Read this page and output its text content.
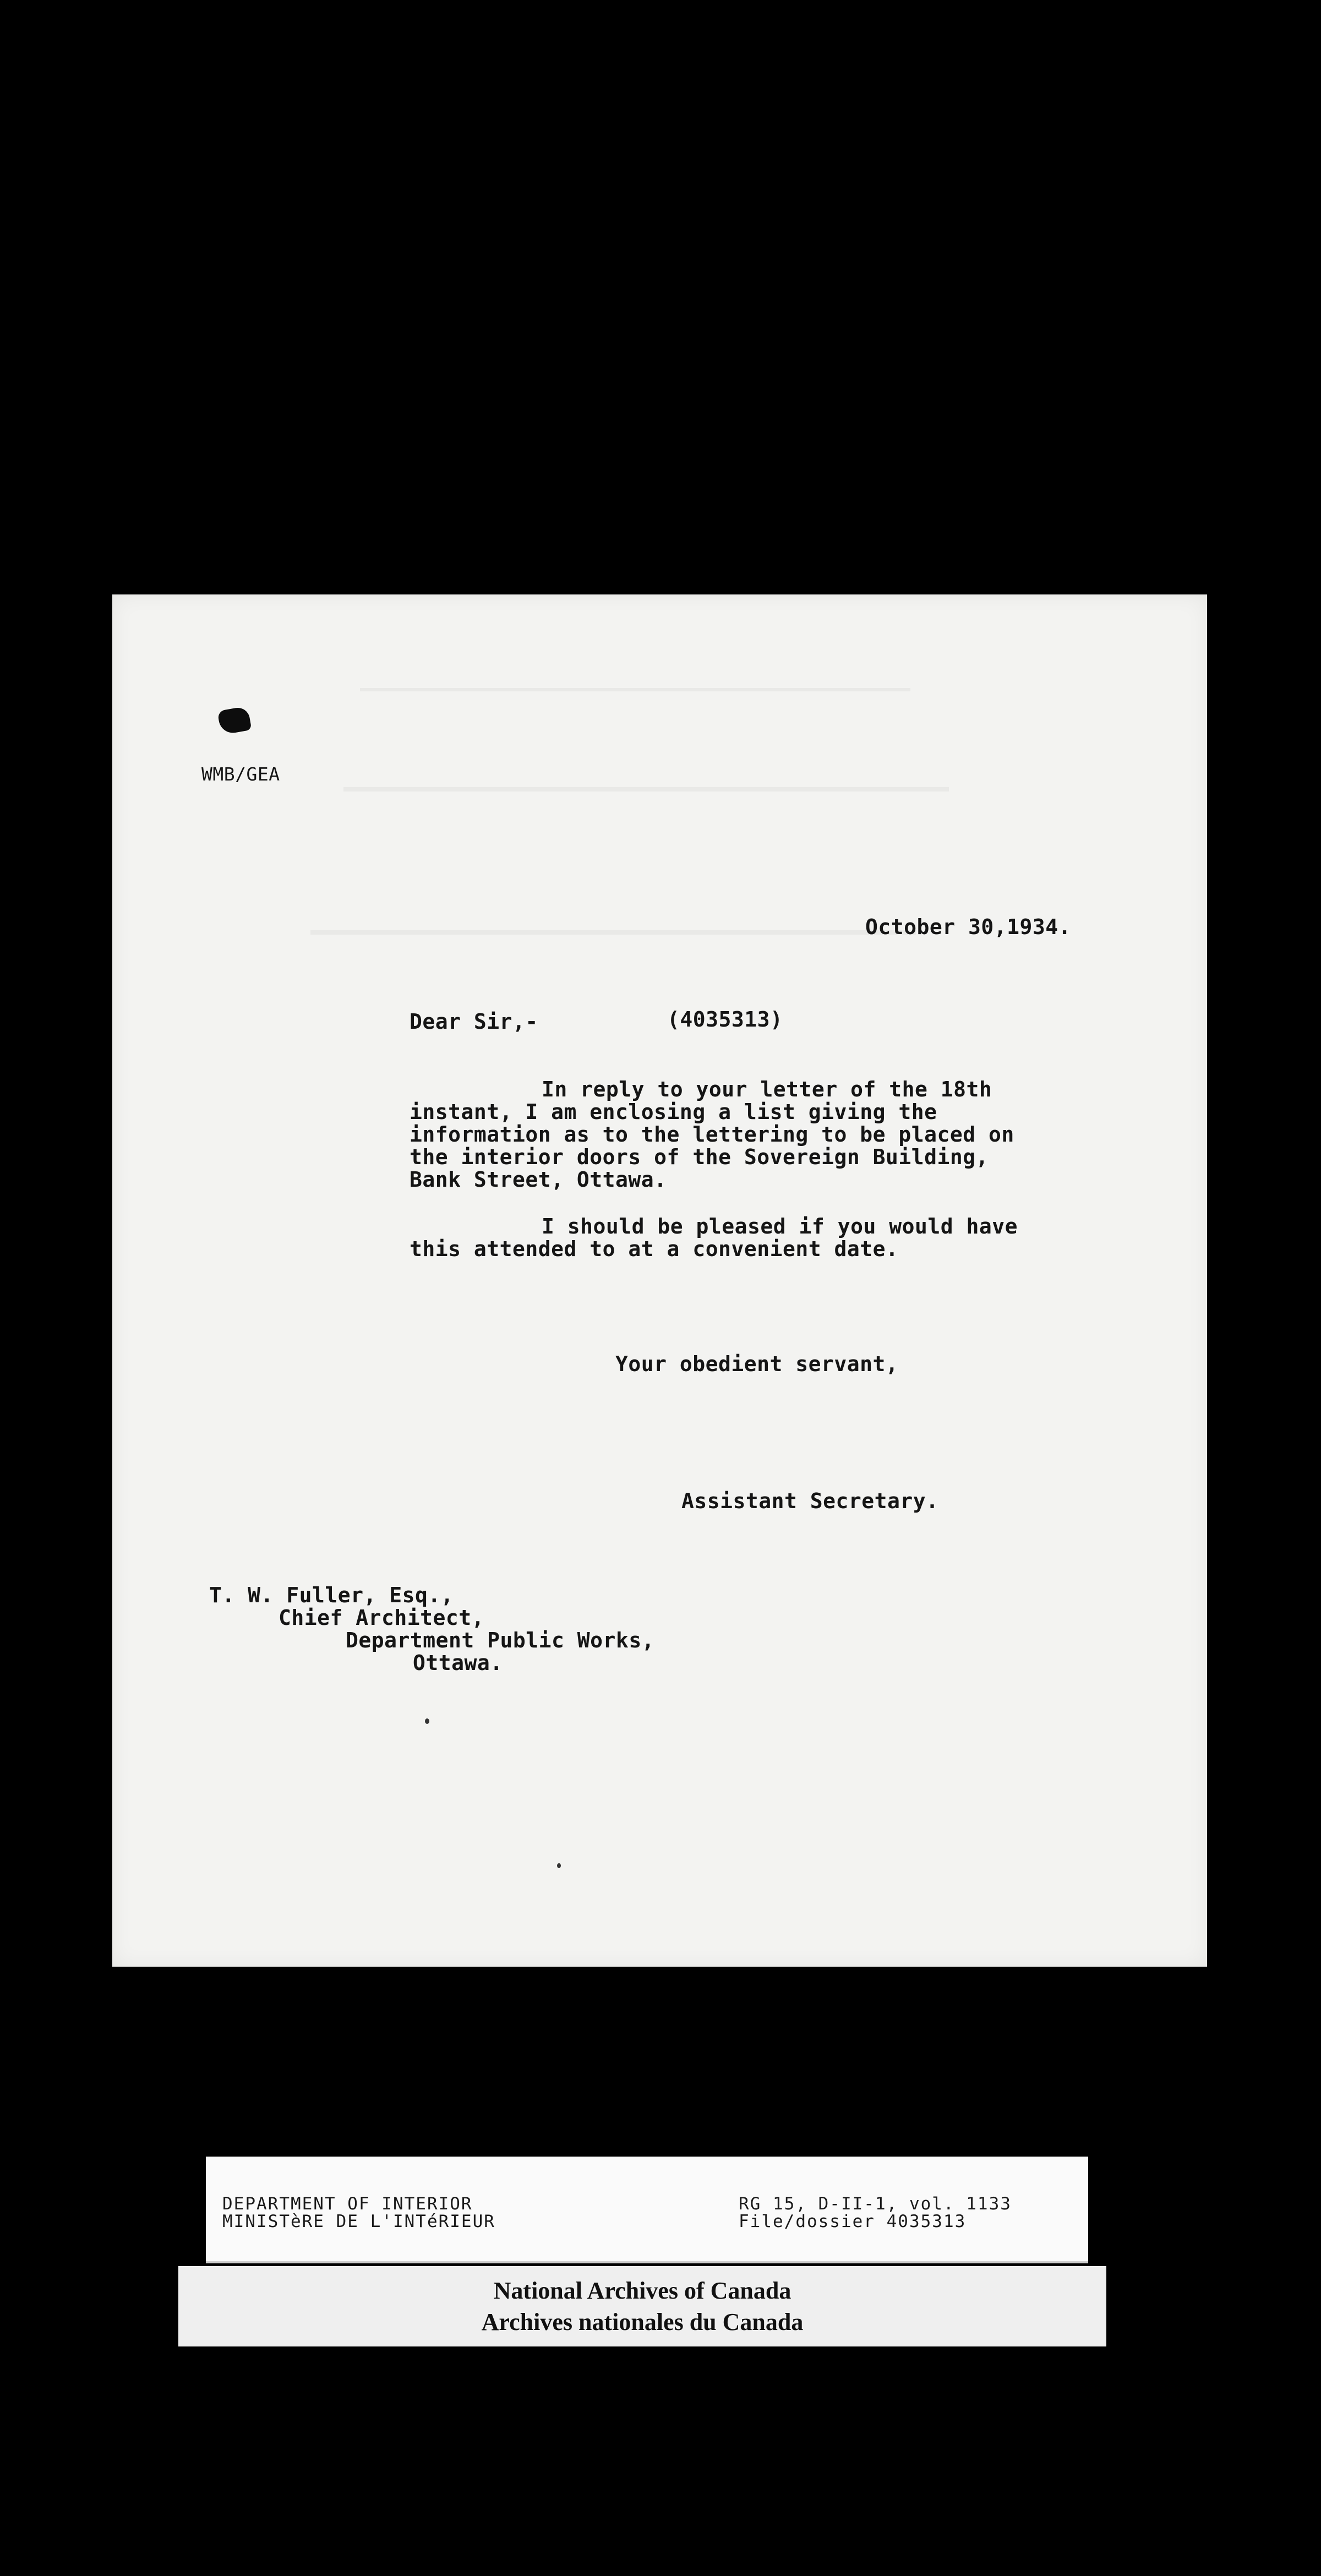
WMB/GEA
October 30,1934.
Dear Sir,-	(4035313)
In reply to your letter of the 18th
instant, I am enclosing a list giving the
information as to the lettering to be placed on
the interior doors of the Sovereign Building,
Bank Street, Ottawa.
I should be pleased if you would have
this attended to at a convenient date.
Your obedient servant,
Assistant Secretary.
T. W. Fuller, Esq.,
Chief Architect,
Department Public Works,
Ottawa.
DEPARTMENT OF INTERIOR
MINISTèRE DE L'INTéRIEUR
RG 15, D-II-1, vol. 1133
File/dossier 4035313
National Archives of Canada
Archives nationales du Canada
